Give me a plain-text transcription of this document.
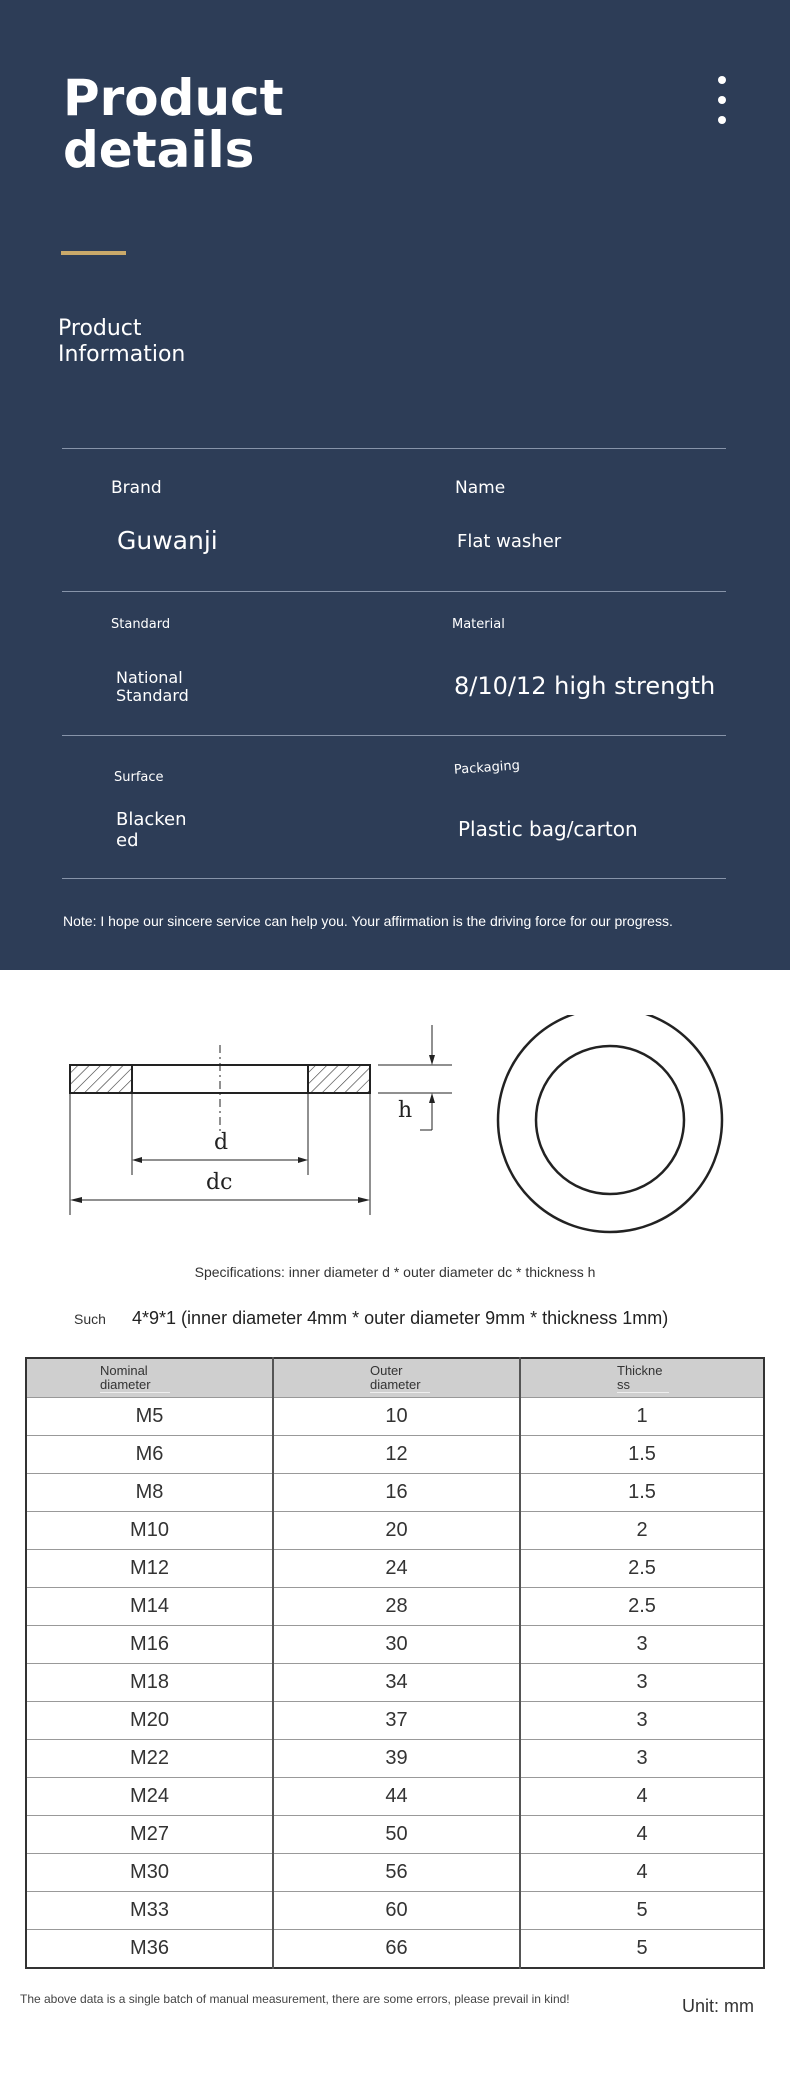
Product details
Product Information
Brand
Guwanji
Name
Flat washer
Standard
National Standard
Material
8/10/12 high strength
Surface
Blackened
Packaging
Plastic bag/carton
Note: I hope our sincere service can help you. Your affirmation is the driving force for our progress.
d
dc
h
Specifications: inner diameter d * outer diameter dc * thickness h
Such 4*9*1 (inner diameter 4mm * outer diameter 9mm * thickness 1mm)
Nominal diameter	Outer diameter	Thickness
M5	10	1
M6	12	1.5
M8	16	1.5
M10	20	2
M12	24	2.5
M14	28	2.5
M16	30	3
M18	34	3
M20	37	3
M22	39	3
M24	44	4
M27	50	4
M30	56	4
M33	60	5
M36	66	5
The above data is a single batch of manual measurement, there are some errors, please prevail in kind!	Unit: mm
